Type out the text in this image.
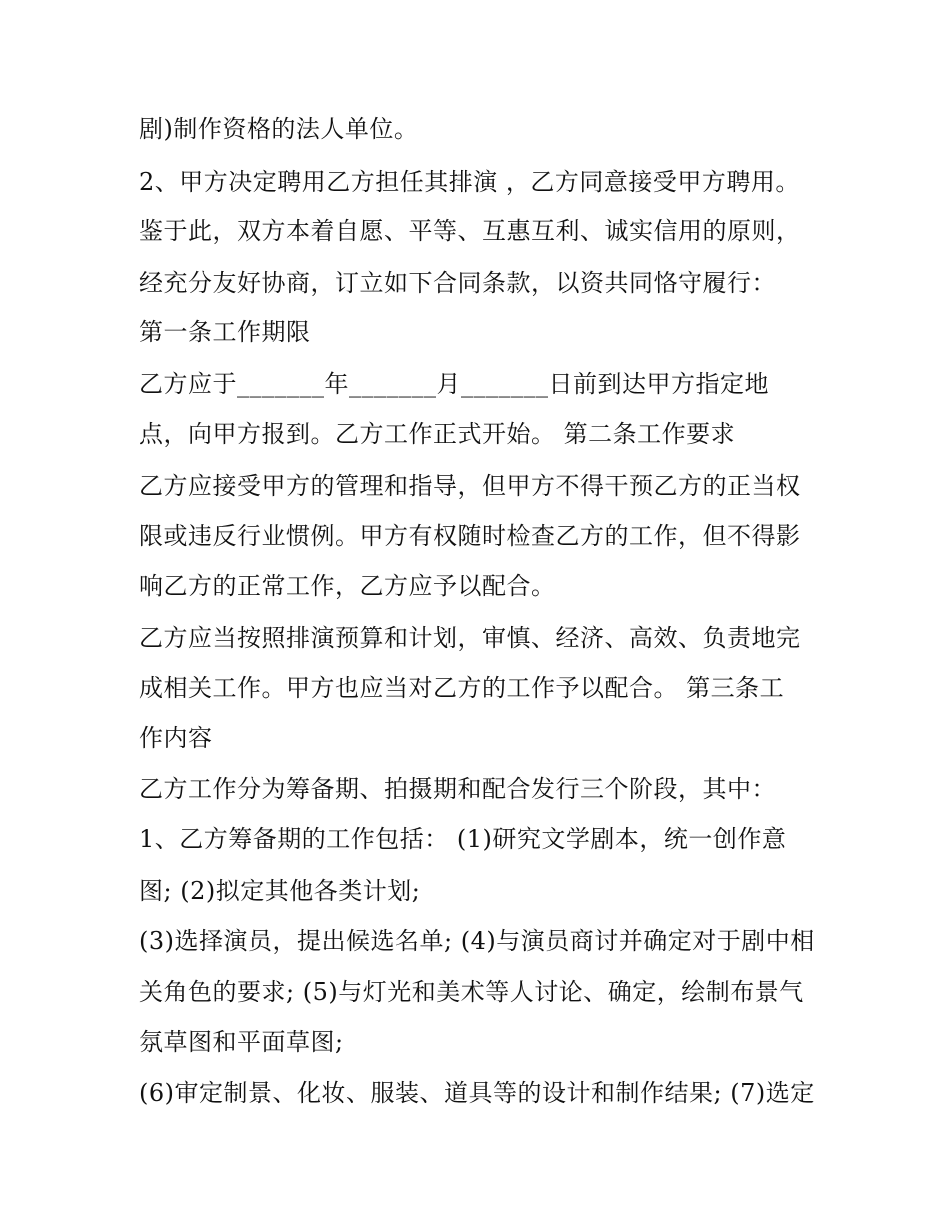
剧)制作资格的法人单位。
2、甲方决定聘用乙方担任其排演 ，乙方同意接受甲方聘用。
鉴于此，双方本着自愿、平等、互惠互利、诚实信用的原则，
经充分友好协商，订立如下合同条款，以资共同恪守履行：
第一条工作期限
乙方应于_______年_______月_______日前到达甲方指定地
点，向甲方报到。乙方工作正式开始。 第二条工作要求
乙方应接受甲方的管理和指导，但甲方不得干预乙方的正当权
限或违反行业惯例。甲方有权随时检查乙方的工作，但不得影
响乙方的正常工作，乙方应予以配合。
乙方应当按照排演预算和计划，审慎、经济、高效、负责地完
成相关工作。甲方也应当对乙方的工作予以配合。 第三条工
作内容
乙方工作分为筹备期、拍摄期和配合发行三个阶段，其中：
1、乙方筹备期的工作包括： (1)研究文学剧本，统一创作意
图; (2)拟定其他各类计划;
(3)选择演员，提出候选名单; (4)与演员商讨并确定对于剧中相
关角色的要求; (5)与灯光和美术等人讨论、确定，绘制布景气
氛草图和平面草图;
(6)审定制景、化妆、服装、道具等的设计和制作结果; (7)选定
